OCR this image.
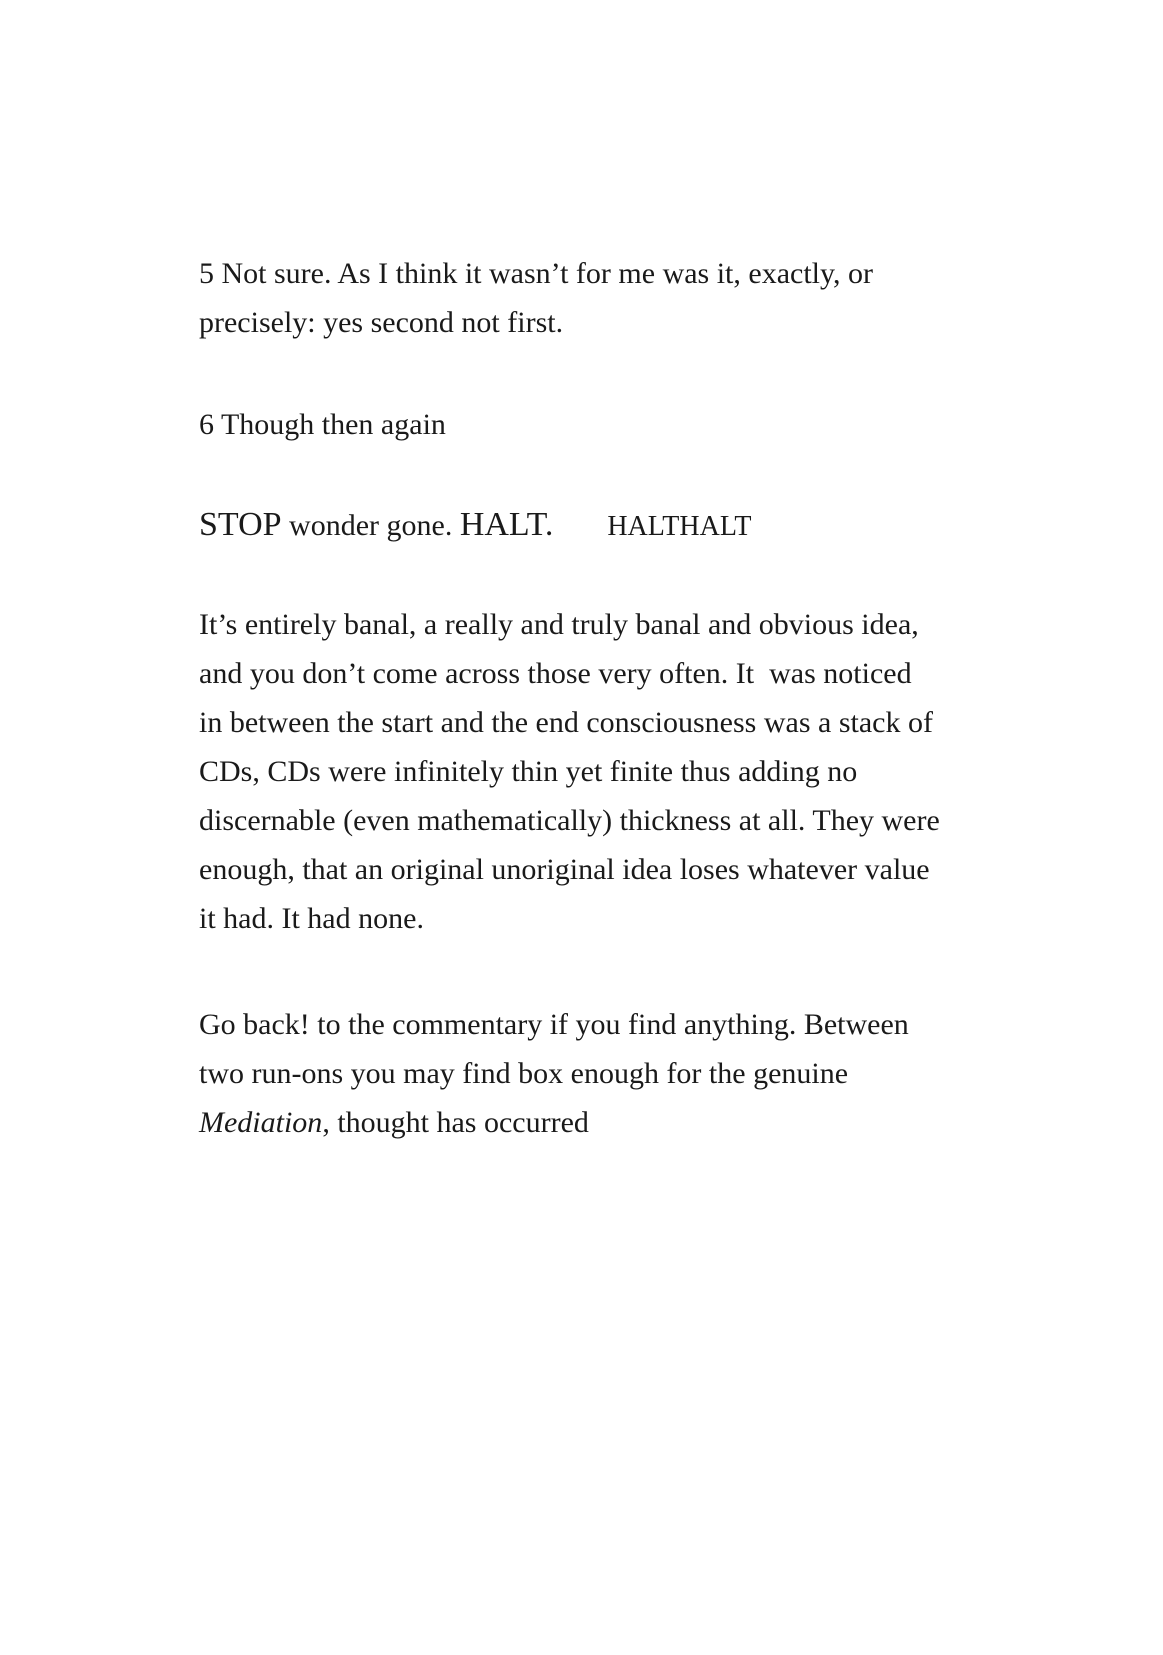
5 Not sure. As I think it wasn’t for me was it, exactly, or
precisely: yes second not first.
6 Though then again
STOP wonder gone. HALT. HALTHALT
It’s entirely banal, a really and truly banal and obvious idea,
and you don’t come across those very often. It  was noticed
in between the start and the end consciousness was a stack of
CDs, CDs were infinitely thin yet finite thus adding no
discernable (even mathematically) thickness at all. They were
enough, that an original unoriginal idea loses whatever value
it had. It had none.
Go back! to the commentary if you find anything. Between
two run-ons you may find box enough for the genuine
Mediation, thought has occurred
